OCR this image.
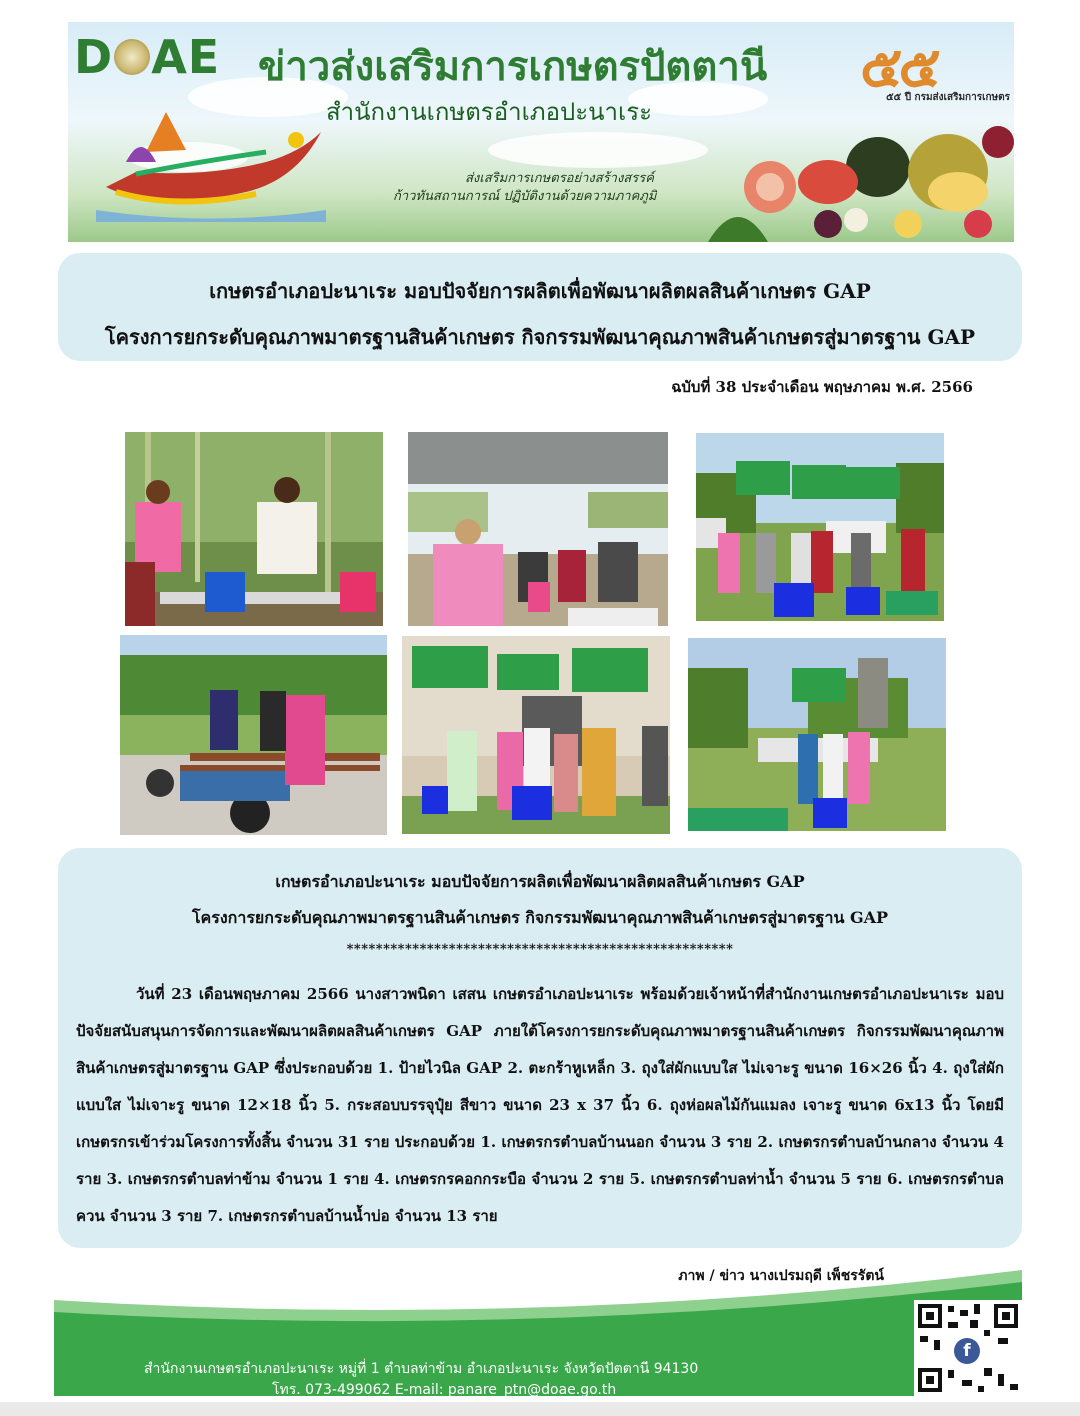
D AE ข่าวส่งเสริมการเกษตรปัตตานี
สำนักงานเกษตรอำเภอปะนาเระ
ส่งเสริมการเกษตรอย่างสร้างสรรค์
ก้าวทันสถานการณ์ ปฏิบัติงานด้วยความภาคภูมิ
๕๕
๕๕ ปี กรมส่งเสริมการเกษตร
เกษตรอำเภอปะนาเระ มอบปัจจัยการผลิตเพื่อพัฒนาผลิตผลสินค้าเกษตร GAP
โครงการยกระดับคุณภาพมาตรฐานสินค้าเกษตร กิจกรรมพัฒนาคุณภาพสินค้าเกษตรสู่มาตรฐาน GAP
ฉบับที่ 38 ประจำเดือน พฤษภาคม พ.ศ. 2566
เกษตรอำเภอปะนาเระ มอบปัจจัยการผลิตเพื่อพัฒนาผลิตผลสินค้าเกษตร GAP
โครงการยกระดับคุณภาพมาตรฐานสินค้าเกษตร กิจกรรมพัฒนาคุณภาพสินค้าเกษตรสู่มาตรฐาน GAP
*****************************************************
วันที่ 23 เดือนพฤษภาคม 2566 นางสาวพนิดา เสสน เกษตรอำเภอปะนาเระ พร้อมด้วยเจ้าหน้าที่สำนักงานเกษตรอำเภอปะนาเระ มอบปัจจัยสนับสนุนการจัดการและพัฒนาผลิตผลสินค้าเกษตร GAP ภายใต้โครงการยกระดับคุณภาพมาตรฐานสินค้าเกษตร กิจกรรมพัฒนาคุณภาพสินค้าเกษตรสู่มาตรฐาน GAP ซึ่งประกอบด้วย 1. ป้ายไวนิล GAP 2. ตะกร้าหูเหล็ก 3. ถุงใส่ผักแบบใส ไม่เจาะรู ขนาด 16×26 นิ้ว 4. ถุงใส่ผักแบบใส ไม่เจาะรู ขนาด 12×18 นิ้ว 5. กระสอบบรรจุปุ๋ย สีขาว ขนาด 23 x 37 นิ้ว 6. ถุงห่อผลไม้กันแมลง เจาะรู ขนาด 6x13 นิ้ว โดยมีเกษตรกรเข้าร่วมโครงการทั้งสิ้น จำนวน 31 ราย ประกอบด้วย 1. เกษตรกรตำบลบ้านนอก จำนวน 3 ราย 2. เกษตรกรตำบลบ้านกลาง จำนวน 4 ราย 3. เกษตรกรตำบลท่าข้าม จำนวน 1 ราย 4. เกษตรกรคอกกระบือ จำนวน 2 ราย 5. เกษตรกรตำบลท่าน้ำ จำนวน 5 ราย 6. เกษตรกรตำบลควน จำนวน 3 ราย 7. เกษตรกรตำบลบ้านน้ำบ่อ จำนวน 13 ราย
ภาพ / ข่าว นางเปรมฤดี เพ็ชรรัตน์
สำนักงานเกษตรอำเภอปะนาเระ หมู่ที่ 1 ตำบลท่าข้าม อำเภอปะนาเระ จังหวัดปัตตานี 94130
โทร. 073-499062 E-mail: panare_ptn@doae.go.th
f
